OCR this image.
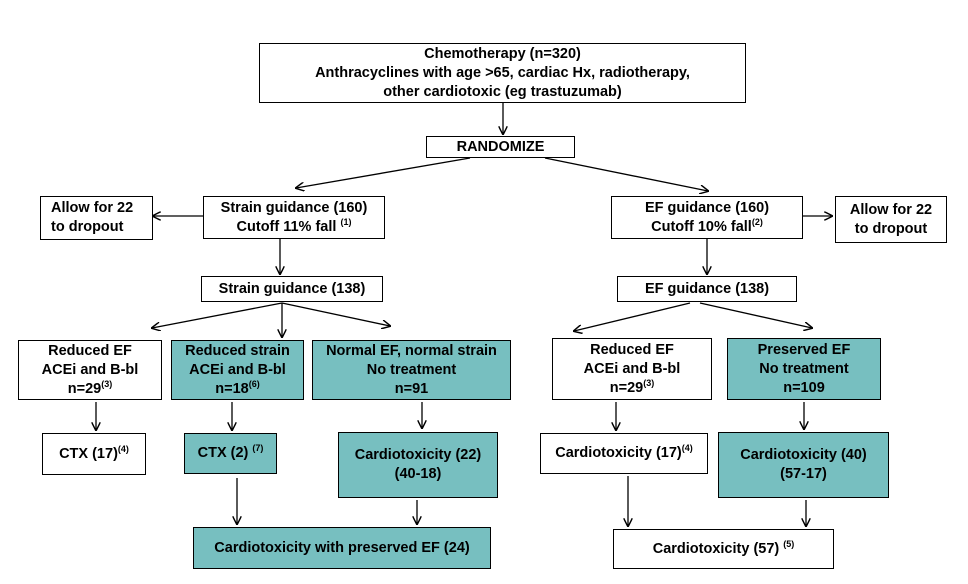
Chemotherapy (n=320)
Anthracyclines with age >65, cardiac Hx, radiotherapy,
other cardiotoxic (eg trastuzumab)
RANDOMIZE
Allow for 22
to dropout
Strain guidance (160)
Cutoff 11% fall $^{(1)}$
EF guidance (160)
Cutoff 10% fall$^{(2)}$
Allow for 22
to dropout
Strain guidance (138)	EF guidance (138)
Reduced EF
ACEi and B-bl
$n=29^{(3)}$
Reduced strain
ACEi and B-bl
$n=18^{(6)}$
Normal EF, normal strain
No treatment
n=91
Reduced EF
ACEi and B-bl
$n=29^{(3)}$
Preserved EF
No treatment
n=109
CTX $(17)^{(4)}$	CTX (2) $^{(7)}$	Cardiotoxicity (22)
(40-18)
Cardiotoxicity $(17)^{(4)}$	Cardiotoxicity (40)
(57-17)
Cardiotoxicity with preserved EF (24)	Cardiotoxicity (57) $^{(5)}$
